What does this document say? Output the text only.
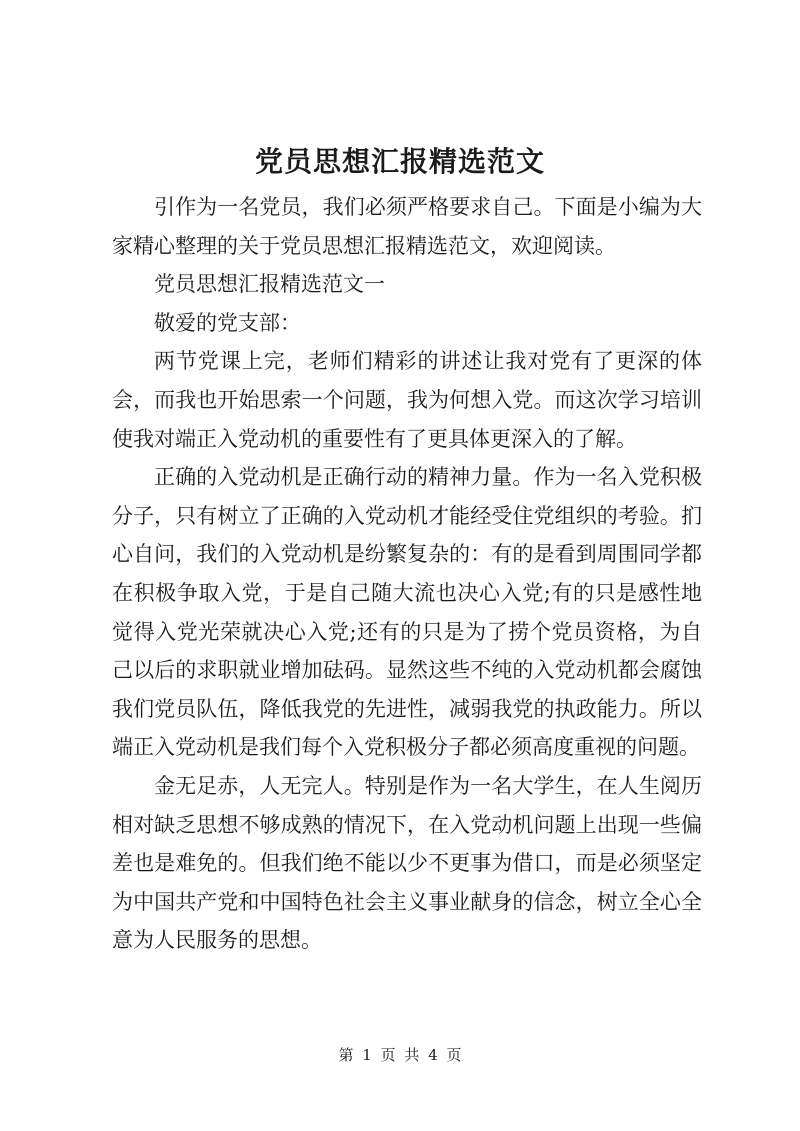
党员思想汇报精选范文

引作为一名党员，我们必须严格要求自己。下面是小编为大家精心整理的关于党员思想汇报精选范文，欢迎阅读。

党员思想汇报精选范文一

敬爱的党支部：

两节党课上完，老师们精彩的讲述让我对党有了更深的体会，而我也开始思索一个问题，我为何想入党。而这次学习培训使我对端正入党动机的重要性有了更具体更深入的了解。

正确的入党动机是正确行动的精神力量。作为一名入党积极分子，只有树立了正确的入党动机才能经受住党组织的考验。扪心自问，我们的入党动机是纷繁复杂的：有的是看到周围同学都在积极争取入党，于是自己随大流也决心入党;有的只是感性地觉得入党光荣就决心入党;还有的只是为了捞个党员资格，为自己以后的求职就业增加砝码。显然这些不纯的入党动机都会腐蚀我们党员队伍，降低我党的先进性，减弱我党的执政能力。所以端正入党动机是我们每个入党积极分子都必须高度重视的问题。

金无足赤，人无完人。特别是作为一名大学生，在人生阅历相对缺乏思想不够成熟的情况下，在入党动机问题上出现一些偏差也是难免的。但我们绝不能以少不更事为借口，而是必须坚定为中国共产党和中国特色社会主义事业献身的信念，树立全心全意为人民服务的思想。

第 1 页 共 4 页
